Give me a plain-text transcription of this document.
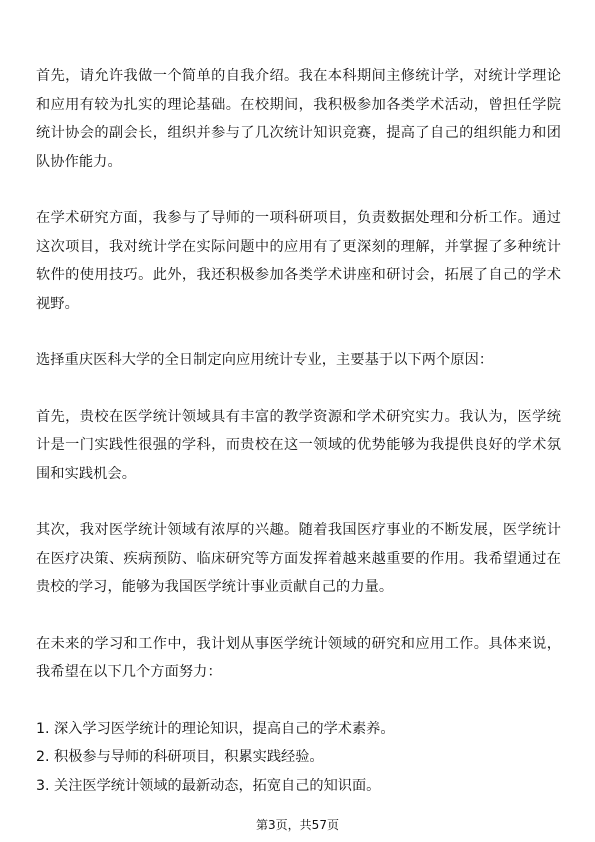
首先，请允许我做一个简单的自我介绍。我在本科期间主修统计学，对统计学理论和应用有较为扎实的理论基础。在校期间，我积极参加各类学术活动，曾担任学院统计协会的副会长，组织并参与了几次统计知识竞赛，提高了自己的组织能力和团队协作能力。

在学术研究方面，我参与了导师的一项科研项目，负责数据处理和分析工作。通过这次项目，我对统计学在实际问题中的应用有了更深刻的理解，并掌握了多种统计软件的使用技巧。此外，我还积极参加各类学术讲座和研讨会，拓展了自己的学术视野。

选择重庆医科大学的全日制定向应用统计专业，主要基于以下两个原因：

首先，贵校在医学统计领域具有丰富的教学资源和学术研究实力。我认为，医学统计是一门实践性很强的学科，而贵校在这一领域的优势能够为我提供良好的学术氛围和实践机会。

其次，我对医学统计领域有浓厚的兴趣。随着我国医疗事业的不断发展，医学统计在医疗决策、疾病预防、临床研究等方面发挥着越来越重要的作用。我希望通过在贵校的学习，能够为我国医学统计事业贡献自己的力量。

在未来的学习和工作中，我计划从事医学统计领域的研究和应用工作。具体来说，我希望在以下几个方面努力：

1. 深入学习医学统计的理论知识，提高自己的学术素养。

2. 积极参与导师的科研项目，积累实践经验。

3. 关注医学统计领域的最新动态，拓宽自己的知识面。

第3页，共57页
